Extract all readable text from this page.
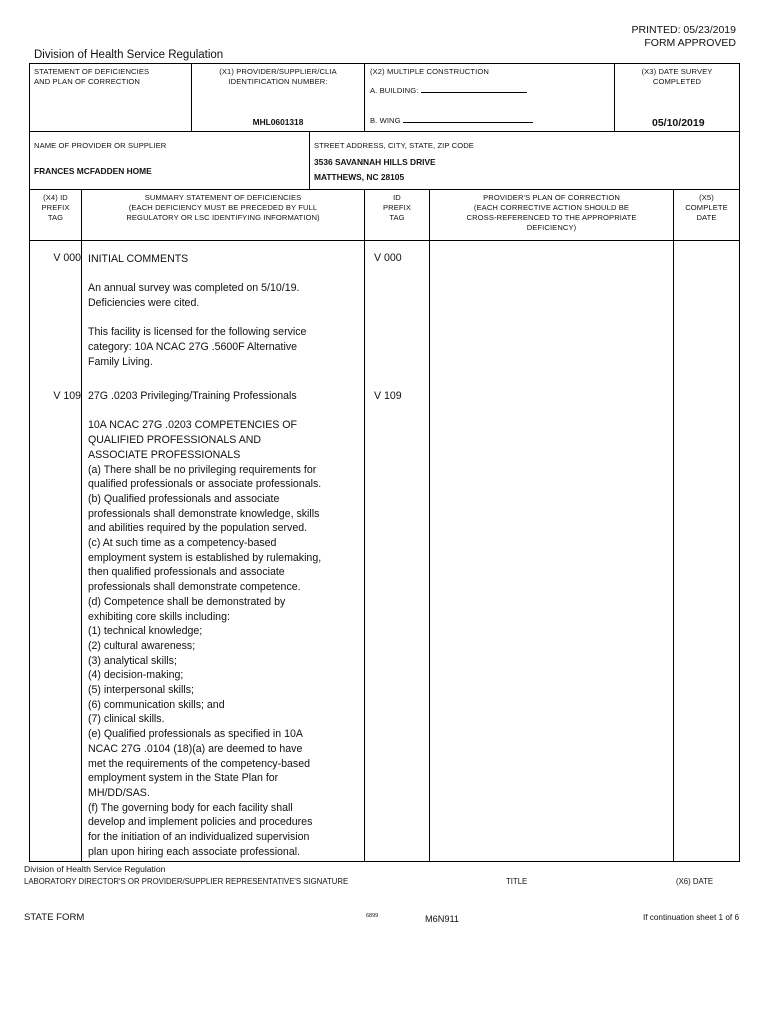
PRINTED: 05/23/2019
FORM APPROVED
Division of Health Service Regulation
STATEMENT OF DEFICIENCIES
AND PLAN OF CORRECTION
(X1) PROVIDER/SUPPLIER/CLIA
IDENTIFICATION NUMBER:
MHL0601318
(X2) MULTIPLE CONSTRUCTION
A. BUILDING:
B. WING
(X3) DATE SURVEY
COMPLETED
05/10/2019
NAME OF PROVIDER OR SUPPLIER
FRANCES MCFADDEN HOME
STREET ADDRESS, CITY, STATE, ZIP CODE
3536 SAVANNAH HILLS DRIVE
MATTHEWS, NC 28105
(X4) ID
PREFIX
TAG
SUMMARY STATEMENT OF DEFICIENCIES
(EACH DEFICIENCY MUST BE PRECEDED BY FULL
REGULATORY OR LSC IDENTIFYING INFORMATION)
ID
PREFIX
TAG
PROVIDER'S PLAN OF CORRECTION
(EACH CORRECTIVE ACTION SHOULD BE
CROSS-REFERENCED TO THE APPROPRIATE
DEFICIENCY)
(X5)
COMPLETE
DATE
V 000	V 000
INITIAL COMMENTS
An annual survey was completed on 5/10/19.
Deficiencies were cited.
This facility is licensed for the following service
category: 10A NCAC 27G .5600F Alternative
Family Living.
V 109	V 109
27G .0203 Privileging/Training Professionals
10A NCAC 27G .0203 COMPETENCIES OF
QUALIFIED PROFESSIONALS AND
ASSOCIATE PROFESSIONALS
(a) There shall be no privileging requirements for
qualified professionals or associate professionals.
(b) Qualified professionals and associate
professionals shall demonstrate knowledge, skills
and abilities required by the population served.
(c) At such time as a competency-based
employment system is established by rulemaking,
then qualified professionals and associate
professionals shall demonstrate competence.
(d) Competence shall be demonstrated by
exhibiting core skills including:
(1) technical knowledge;
(2) cultural awareness;
(3) analytical skills;
(4) decision-making;
(5) interpersonal skills;
(6) communication skills; and
(7) clinical skills.
(e) Qualified professionals as specified in 10A
NCAC 27G .0104 (18)(a) are deemed to have
met the requirements of the competency-based
employment system in the State Plan for
MH/DD/SAS.
(f) The governing body for each facility shall
develop and implement policies and procedures
for the initiation of an individualized supervision
plan upon hiring each associate professional.
Division of Health Service Regulation
LABORATORY DIRECTOR'S OR PROVIDER/SUPPLIER REPRESENTATIVE'S SIGNATURE	TITLE	(X6) DATE
STATE FORM	6899	M6N911	If continuation sheet 1 of 6
